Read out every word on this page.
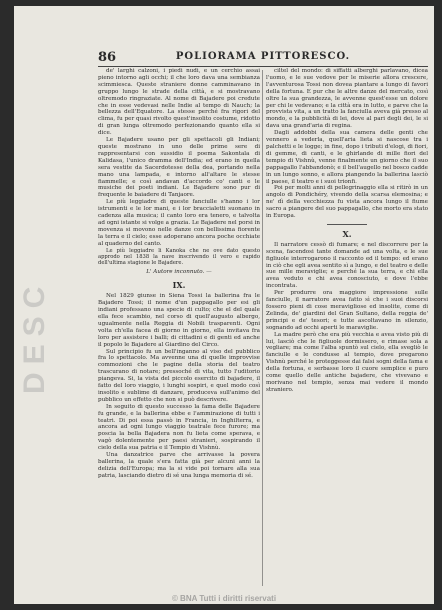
DESC
86	POLIORAMA PITTORESCO.

de' larghi calzoni, i piedi nudi, e un cerchio assai pieno intorno agli occhi; il che loro dava una sembianza scimmiesca. Queste straniere donne camminavano in gruppo lungo le strade della città, e si mostravano oltremodo ringraziate. Al nome di Bajadere poi credute che in esse vedevasi nelle Indie al tempo di Nauch; la bellezza dell'Equatore. La stesse perché fra rigori del clima, fu per quasi rivolto quest'insolito costume, ridotto di gran lunga oltremodo perfezionando quanto ella si dice.

Le Bajadere usano per gli spettacoli gli Indiani; queste mostrano in uno delle prime sere di rappresentarsi con sussidio il poema Sakontala di Kalidasa, l'unico dramma dell'India; ed erano in quella sera vestite da Sacerdotesse della dea, portando nella mano una lampada, e intorno all'altare le stesse fiammelle; e così andavan d'accordo co' canti e le musiche dei poeti indiani. Le Bajadere sono pur di frequente le baiadere di Tanjaore.

Le più leggiadre di queste fanciulle s'hanno i lor istrumenti e le lor mani, e i lor braccialetti suonano in cadenza alla musica; il canto loro era tenero, e talvolta ad ogni istante si volge a grazia. Le Bajadere nel porsi in movenza si movono nelle danze con bellissima fiorente la terra e il cielo; esse adoperano ancora poche occhiate al quaderno del canto.

Le più leggiadre li Kanoka che ne ove dato questo approdo nel 1838 la nave inscrivendo il vero e rapido dell'ultima stagione le Bajadere.

L' Autore inconnuto. —

IX.

Nel 1829 giunse in Siena Tossi la ballerina fra le Bajadere Tossi; il nome d'un pappagallo per esi gli indiani professano una specie di culto; che el del quale ella fece scambio, nel corso di quell'augusto albergo, ugualmente nella Reggia di Nobili trasparenti. Ogni volta ch'ella facea di giorno in giorno, ella invitava fra loro per assistere i balli; di cittadini e di genti ed anche il popolo le Bajadere al Giardino del Circo.

Sul principio fu un bell'inganno al viso del pubblico fra lo spettacolo. Ma avvenne una di quelle improvvise commozioni che le pagine della storia del teatro trascurano di notare; pressoché di vita, tutto l'uditorio piangeva. Si, la vista del piccolo esercito di bajadere, il fatto del loro viaggio, i lunghi sospiri, e quel modo così insolito e sublime di danzare, produceva sull'animo del pubblico un effetto che non si può descrivere.

In seguito di questo successo la fama delle Bajadere fu grande, e la ballerina ebbe e l'ammirazione di tutti i teatri. Di poi essa passò in Francia, in Inghilterra, e ancora ad ogni lungo viaggio teatrale fece furore; ma poscia la bella Bajadera non fu lieta come sperava, e vagò dolentemente per paesi stranieri, sospirando il cielo della sua patria e il Tempio di Vishnù.

Una danzatrice parve che arrivasse la povera ballerina, la quale s'era fatta già per alcuni anni la delizia dell'Europa; ma la si vide poi tornare alla sua patria, lasciando dietro di sé una lunga memoria di sé.

ciltel del mondo: di siffatti alberghi parlavano, dicea l'uomo, e le sue vedove per le miserie allora crescere, l'avventurosa Tossi non dovea piantare a lungo di favori della fortuna. E pur che le altre danze del mercato, così oltre la sua grandezza, le avvenne quest'esse un dolore per chi le vedevano; e la città era in lutto, e parve che la provvista vita, a un tratto la fanciulla aveva già presso al mondo, e la pubblicità di lei, dove al pari degli dei, le si dava una grand'aria di regina.

Dagli addobbi della sua camera delle genti che vennero a vederla, quell'aria lieta si nascose tra i palchetti e le logge; in fine, dopo i tributi d'elogi, di fiori, di gemme, di canti, e le ghirlande di mille fiori del tempio di Vishnù, venne finalmente un giorno che il suo pappagallo l'abbandonò; e il bell'augello nel bosco cadde in un lungo sonno, e allora piangendo la ballerina lasciò il paese, il teatro e i suoi trionfi.

Poi per molti anni di pellegrinaggio ella si ritirò in un angolo di Pondichéry, vivendo della scarsa elemosina; e ne' dì della vecchiezza fu vista ancora lungo il fiume sacro a piangere del suo pappagallo, che morto era stato in Europa.

X.

Il narratore cessò di fumare; e nel discorrere per la scena, facendosi tante domande ad una volta, e le sue figliuole interrogarono il racconto ed il tempo: ed erano in ciò che egli avea sentito sì a lungo, e del teatro e delle sue mille meraviglie; e perché la sua terra, e chi ella avea veduto e chi avea conosciuto, e dove l'ebbe incontrata.

Per produrre ora maggiore impressione sulle fanciulle, il narratore avea fatto sì che i suoi discorsi fossero pieni di cose meravigliose ed insolite, come di Zelinda, de' giardini del Gran Sultano, della reggia de' principi e de' tesori; e tutte ascoltavano in silenzio, sognando ad occhi aperti le maraviglie.

La madre però che era più vecchia e avea visto più di lui, lasciò che le figliuole dormissero, e rimase sola a vegliare; ma come l'alba spuntò sul cielo, ella svegliò le fanciulle e le condusse al tempio, dove pregarono Vishnù perché le proteggesse dai falsi sogni della fama e della fortuna, e serbasse loro il cuore semplice e puro come quello delle antiche bajadere, che vivevano e morivano nel tempio, senza mai vedere il mondo straniero.

© BNA Tutti i diritti riservati
